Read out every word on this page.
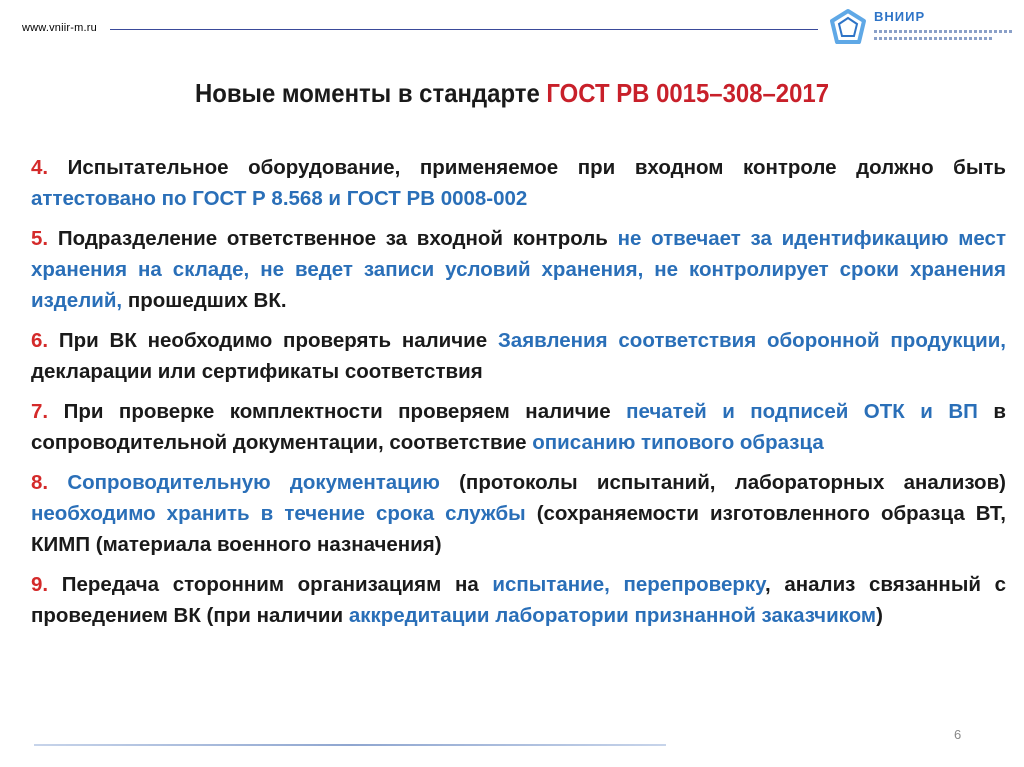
www.vniir-m.ru
ВНИИР
Новые моменты в стандарте ГОСТ РВ 0015–308–2017

4. Испытательное оборудование, применяемое при входном контроле должно быть аттестовано по ГОСТ Р 8.568 и ГОСТ РВ 0008-002

5. Подразделение ответственное за входной контроль не отвечает за идентификацию мест хранения на складе, не ведет записи условий хранения, не контролирует сроки хранения изделий, прошедших ВК.

6. При ВК необходимо проверять наличие Заявления соответствия оборонной продукции, декларации или сертификаты соответствия

7. При проверке комплектности проверяем наличие печатей и подписей ОТК и ВП в сопроводительной документации, соответствие описанию типового образца

8. Сопроводительную документацию (протоколы испытаний, лабораторных анализов) необходимо хранить в течение срока службы (сохраняемости изготовленного образца ВТ, КИМП (материала военного назначения)

9. Передача сторонним организациям на испытание, перепроверку, анализ связанный с проведением ВК (при наличии аккредитации лаборатории признанной заказчиком)

6
